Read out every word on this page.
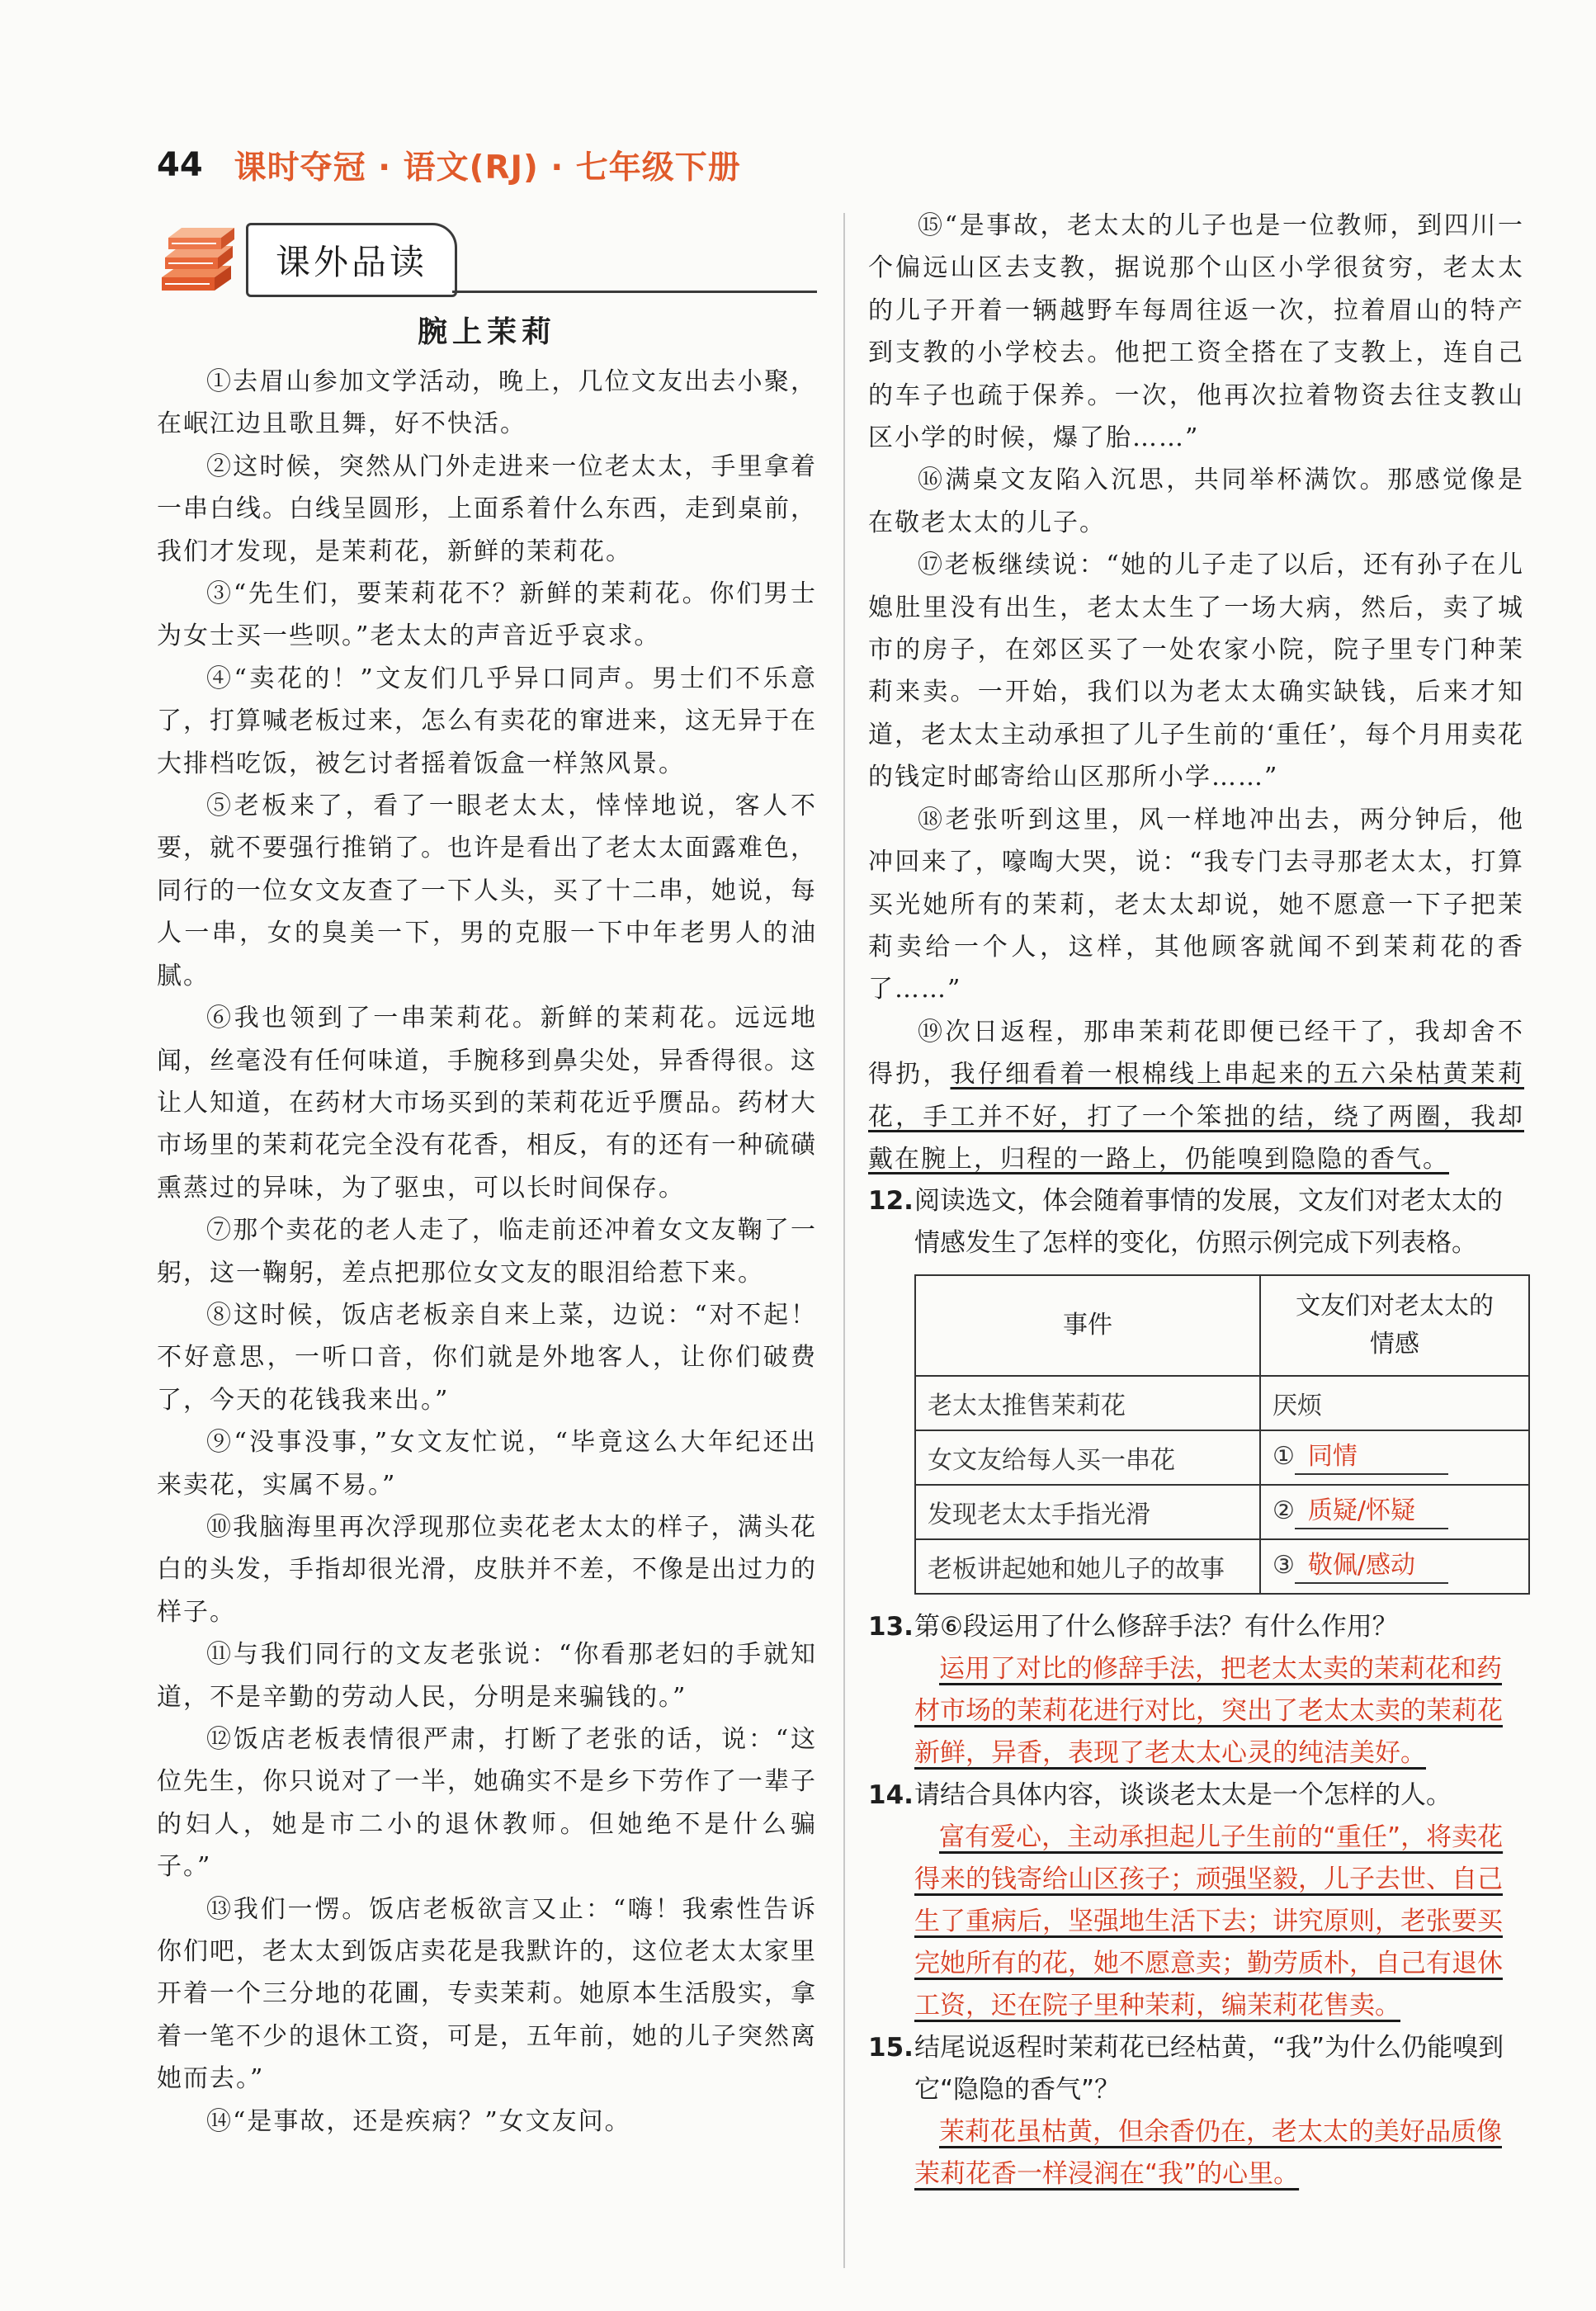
44 课时夺冠 · 语文(RJ) · 七年级下册
课外品读
腕上茉莉

①去眉山参加文学活动，晚上，几位文友出去小聚，在岷江边且歌且舞，好不快活。

②这时候，突然从门外走进来一位老太太，手里拿着一串白线。白线呈圆形，上面系着什么东西，走到桌前，我们才发现，是茉莉花，新鲜的茉莉花。

③“先生们，要茉莉花不？新鲜的茉莉花。你们男士为女士买一些呗。”老太太的声音近乎哀求。

④“卖花的！”文友们几乎异口同声。男士们不乐意了，打算喊老板过来，怎么有卖花的窜进来，这无异于在大排档吃饭，被乞讨者摇着饭盒一样煞风景。

⑤老板来了，看了一眼老太太，悻悻地说，客人不要，就不要强行推销了。也许是看出了老太太面露难色，同行的一位女文友查了一下人头，买了十二串，她说，每人一串，女的臭美一下，男的克服一下中年老男人的油腻。

⑥我也领到了一串茉莉花。新鲜的茉莉花。远远地闻，丝毫没有任何味道，手腕移到鼻尖处，异香得很。这让人知道，在药材大市场买到的茉莉花近乎赝品。药材大市场里的茉莉花完全没有花香，相反，有的还有一种硫磺熏蒸过的异味，为了驱虫，可以长时间保存。

⑦那个卖花的老人走了，临走前还冲着女文友鞠了一躬，这一鞠躬，差点把那位女文友的眼泪给惹下来。

⑧这时候，饭店老板亲自来上菜，边说：“对不起！不好意思，一听口音，你们就是外地客人，让你们破费了，今天的花钱我来出。”

⑨“没事没事，”女文友忙说，“毕竟这么大年纪还出来卖花，实属不易。”

⑩我脑海里再次浮现那位卖花老太太的样子，满头花白的头发，手指却很光滑，皮肤并不差，不像是出过力的样子。

⑪与我们同行的文友老张说：“你看那老妇的手就知道，不是辛勤的劳动人民，分明是来骗钱的。”

⑫饭店老板表情很严肃，打断了老张的话，说：“这位先生，你只说对了一半，她确实不是乡下劳作了一辈子的妇人，她是市二小的退休教师。但她绝不是什么骗子。”

⑬我们一愣。饭店老板欲言又止：“嗨！我索性告诉你们吧，老太太到饭店卖花是我默许的，这位老太太家里开着一个三分地的花圃，专卖茉莉。她原本生活殷实，拿着一笔不少的退休工资，可是，五年前，她的儿子突然离她而去。”

⑭“是事故，还是疾病？”女文友问。

⑮“是事故，老太太的儿子也是一位教师，到四川一个偏远山区去支教，据说那个山区小学很贫穷，老太太的儿子开着一辆越野车每周往返一次，拉着眉山的特产到支教的小学校去。他把工资全搭在了支教上，连自己的车子也疏于保养。一次，他再次拉着物资去往支教山区小学的时候，爆了胎……”

⑯满桌文友陷入沉思，共同举杯满饮。那感觉像是在敬老太太的儿子。

⑰老板继续说：“她的儿子走了以后，还有孙子在儿媳肚里没有出生，老太太生了一场大病，然后，卖了城市的房子，在郊区买了一处农家小院，院子里专门种茉莉来卖。一开始，我们以为老太太确实缺钱，后来才知道，老太太主动承担了儿子生前的‘重任’，每个月用卖花的钱定时邮寄给山区那所小学……”

⑱老张听到这里，风一样地冲出去，两分钟后，他冲回来了，嚎啕大哭，说：“我专门去寻那老太太，打算买光她所有的茉莉，老太太却说，她不愿意一下子把茉莉卖给一个人，这样，其他顾客就闻不到茉莉花的香了……”

⑲次日返程，那串茉莉花即便已经干了，我却舍不得扔，我仔细看着一根棉线上串起来的五六朵枯黄茉莉花，手工并不好，打了一个笨拙的结，绕了两圈，我却戴在腕上，归程的一路上，仍能嗅到隐隐的香气。

12.阅读选文，体会随着事情的发展，文友们对老太太的情感发生了怎样的变化，仿照示例完成下列表格。

事件	文友们对老太太的情感
老太太推售茉莉花	厌烦
女文友给每人买一串花	① 同情
发现老太太手指光滑	② 质疑/怀疑
老板讲起她和她儿子的故事	③ 敬佩/感动

13.第⑥段运用了什么修辞手法？有什么作用？

运用了对比的修辞手法，把老太太卖的茉莉花和药材市场的茉莉花进行对比，突出了老太太卖的茉莉花新鲜，异香，表现了老太太心灵的纯洁美好。

14.请结合具体内容，谈谈老太太是一个怎样的人。

富有爱心，主动承担起儿子生前的“重任”，将卖花得来的钱寄给山区孩子；顽强坚毅，儿子去世、自己生了重病后，坚强地生活下去；讲究原则，老张要买完她所有的花，她不愿意卖；勤劳质朴，自己有退休工资，还在院子里种茉莉，编茉莉花售卖。

15.结尾说返程时茉莉花已经枯黄，“我”为什么仍能嗅到它“隐隐的香气”？

茉莉花虽枯黄，但余香仍在，老太太的美好品质像茉莉花香一样浸润在“我”的心里。
